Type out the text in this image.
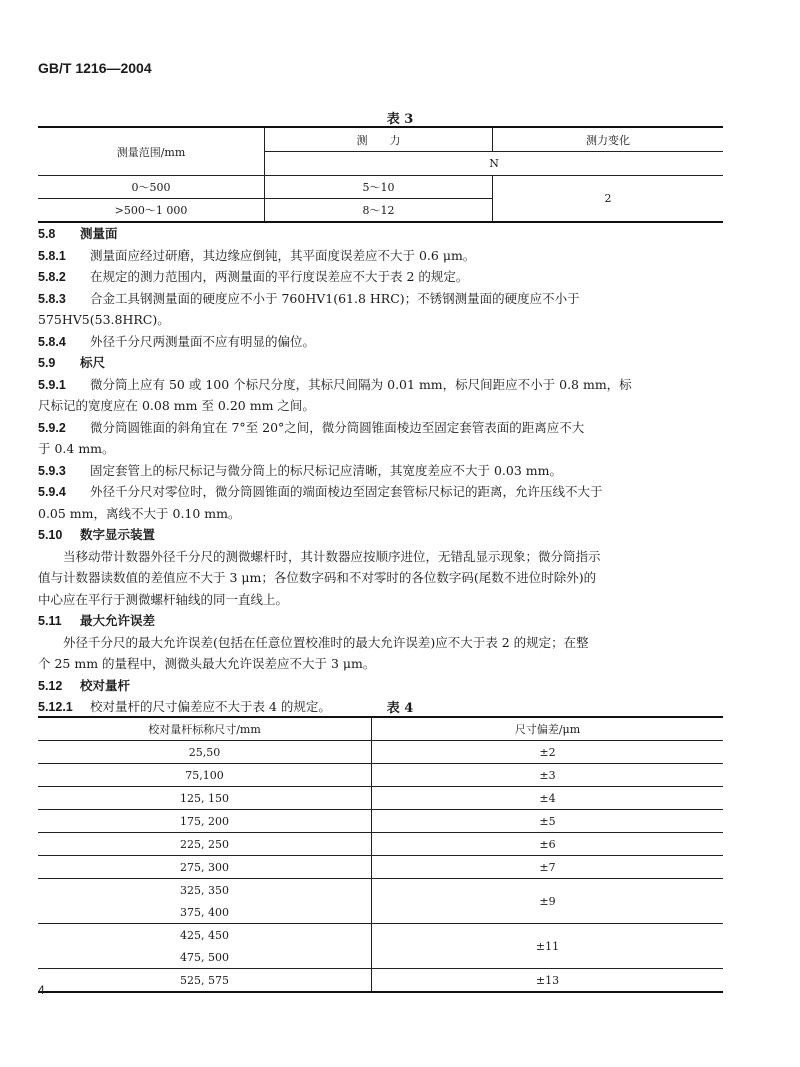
GB/T 1216—2004
表 3
测量范围/mm	测　　力	测力变化
	N	
0～500	5～10	2
>500～1 000	8～12	
5.8 测量面
5.8.1 测量面应经过研磨，其边缘应倒钝，其平面度误差应不大于 0.6 μm。
5.8.2 在规定的测力范围内，两测量面的平行度误差应不大于表 2 的规定。
5.8.3 合金工具钢测量面的硬度应不小于 760HV1(61.8 HRC)；不锈钢测量面的硬度应不小于
575HV5(53.8HRC)。
5.8.4 外径千分尺两测量面不应有明显的偏位。
5.9 标尺
5.9.1 微分筒上应有 50 或 100 个标尺分度，其标尺间隔为 0.01 mm，标尺间距应不小于 0.8 mm，标
尺标记的宽度应在 0.08 mm 至 0.20 mm 之间。
5.9.2 微分筒圆锥面的斜角宜在 7°至 20°之间，微分筒圆锥面棱边至固定套管表面的距离应不大
于 0.4 mm。
5.9.3 固定套管上的标尺标记与微分筒上的标尺标记应清晰，其宽度差应不大于 0.03 mm。
5.9.4 外径千分尺对零位时，微分筒圆锥面的端面棱边至固定套管标尺标记的距离，允许压线不大于
0.05 mm，离线不大于 0.10 mm。
5.10 数字显示装置
　　当移动带计数器外径千分尺的测微螺杆时，其计数器应按顺序进位，无错乱显示现象；微分筒指示
值与计数器读数值的差值应不大于 3 μm；各位数字码和不对零时的各位数字码(尾数不进位时除外)的
中心应在平行于测微螺杆轴线的同一直线上。
5.11 最大允许误差
　　外径千分尺的最大允许误差(包括在任意位置校准时的最大允许误差)应不大于表 2 的规定；在整
个 25 mm 的量程中，测微头最大允许误差应不大于 3 μm。
5.12 校对量杆
5.12.1 校对量杆的尺寸偏差应不大于表 4 的规定。	表 4
校对量杆标称尺寸/mm	尺寸偏差/μm
25,50	±2
75,100	±3
125, 150	±4
175, 200	±5
225, 250	±6
275, 300	±7
325, 350	±9
375, 400	
425, 450	±11
475, 500	
525, 575	±13
4
